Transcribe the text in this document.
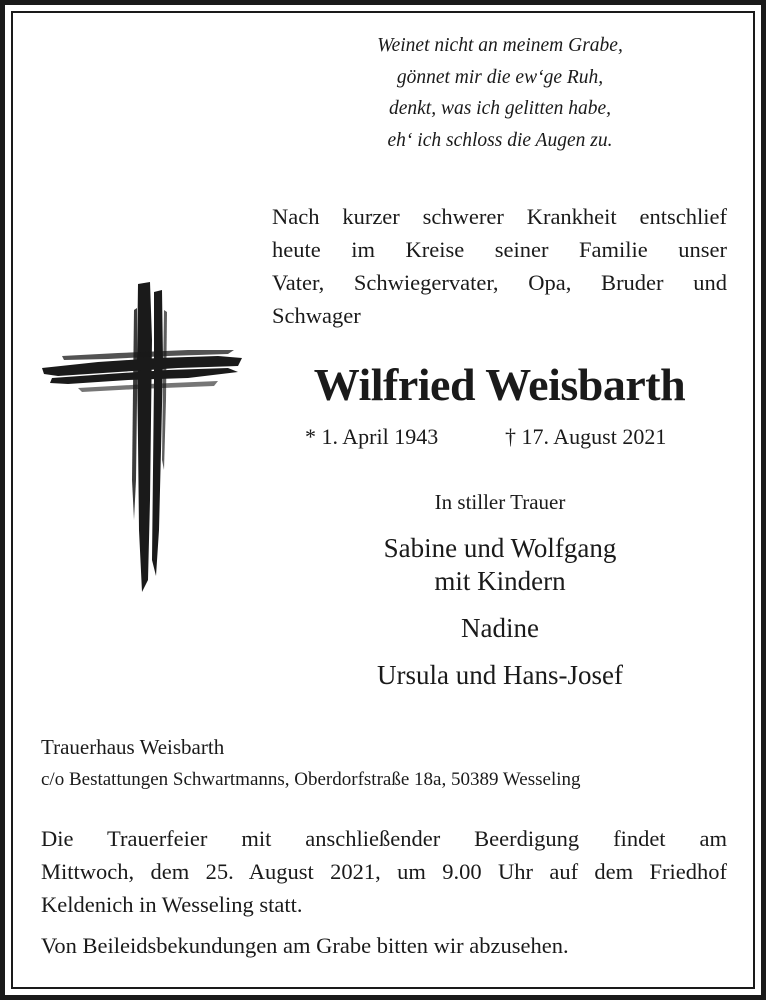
Weinet nicht an meinem Grabe,
gönnet mir die ew‘ge Ruh,
denkt, was ich gelitten habe,
eh‘ ich schloss die Augen zu.
Nach kurzer schwerer Krankheit entschlief
heute im Kreise seiner Familie unser
Vater, Schwiegervater, Opa, Bruder und
Schwager
Wilfried Weisbarth
* 1. April 1943	† 17. August 2021
In stiller Trauer
Sabine und Wolfgang
mit Kindern
Nadine
Ursula und Hans-Josef
Trauerhaus Weisbarth
c/o Bestattungen Schwartmanns, Oberdorfstraße 18a, 50389 Wesseling
Die Trauerfeier mit anschließender Beerdigung findet am
Mittwoch, dem 25. August 2021, um 9.00 Uhr auf dem Friedhof
Keldenich in Wesseling statt.
Von Beileidsbekundungen am Grabe bitten wir abzusehen.
